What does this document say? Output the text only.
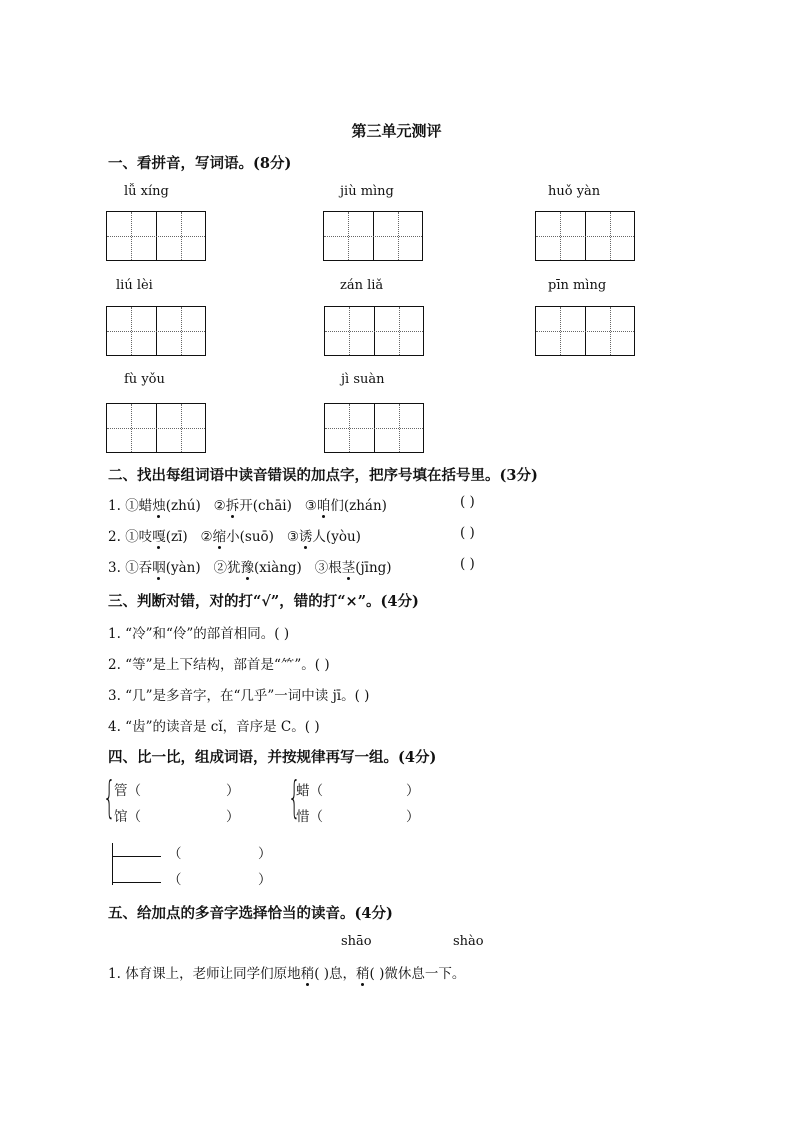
第三单元测评
一、看拼音，写词语。(8分)
lǚ xíng	jiù mìng	huǒ yàn
liú lèi	zán liǎ	pīn mìng
fù yǒu	jì suàn
二、找出每组词语中读音错误的加点字，把序号填在括号里。(3分)
1. ①蜡烛(zhú) ②拆开(chāi) ③咱们(zhán)	( )
2. ①吱嘎(zī) ②缩小(suō) ③诱人(yòu)	( )
3. ①吞咽(yàn) ②犹豫(xiàng) ③根茎(jīng)	( )
三、判断对错，对的打“√”，错的打“×”。(4分)
1. “冷”和“伶”的部首相同。( )
2. “等”是上下结构，部首是“⺮”。( )
3. “几”是多音字，在“几乎”一词中读 jī。( )
4. “齿”的读音是 cǐ，音序是 C。( )
四、比一比，组成词语，并按规律再写一组。(4分)
{
管（	）
馆（	） {
蜡（	）
惜（	）
（	）
（	）
五、给加点的多音字选择恰当的读音。(4分)
shāo	shào
1. 体育课上，老师让同学们原地稍( )息，稍( )微休息一下。
